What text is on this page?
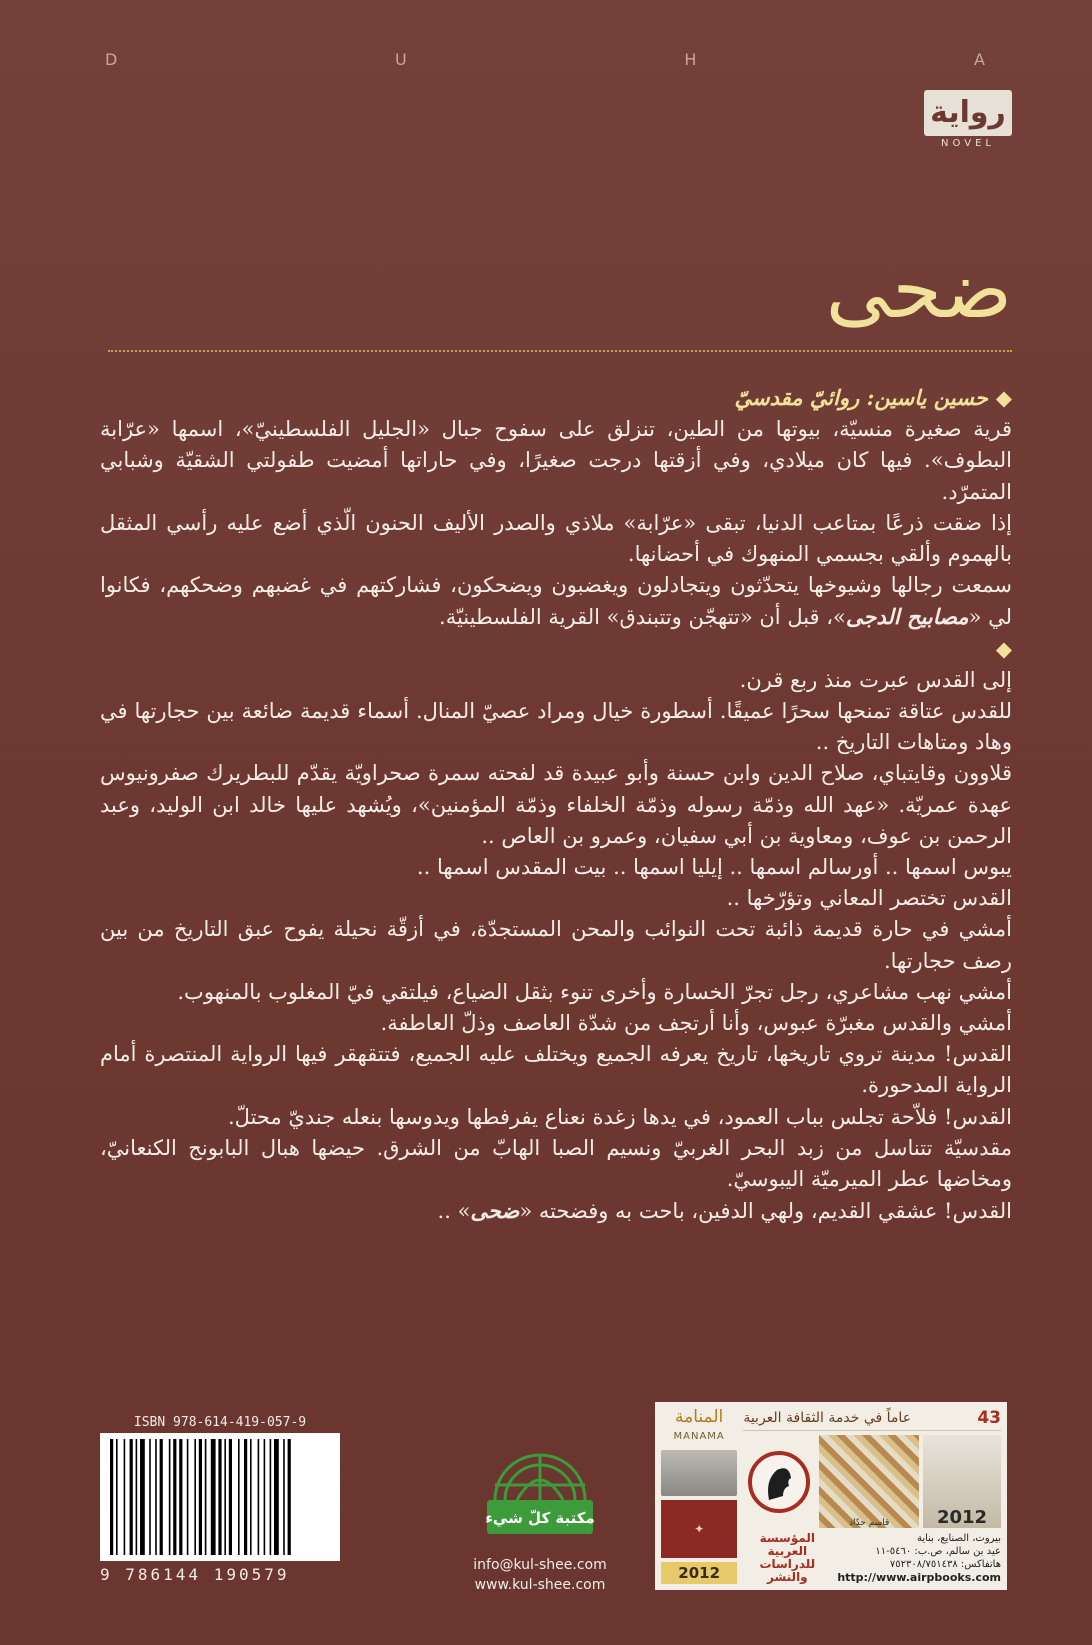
D	U	H	A
رواية
NOVEL
ضحى

◆حسين ياسين: روائيّ مقدسيّ

قرية صغيرة منسيّة، بيوتها من الطين، تنزلق على سفوح جبال «الجليل الفلسطينيّ»، اسمها «عرّابة البطوف». فيها كان ميلادي، وفي أزقتها درجت صغيرًا، وفي حاراتها أمضيت طفولتي الشقيّة وشبابي المتمرّد.

إذا ضقت ذرعًا بمتاعب الدنيا، تبقى «عرّابة» ملاذي والصدر الأليف الحنون الّذي أضع عليه رأسي المثقل بالهموم وألقي بجسمي المنهوك في أحضانها.

سمعت رجالها وشيوخها يتحدّثون ويتجادلون ويغضبون ويضحكون، فشاركتهم في غضبهم وضحكهم، فكانوا لي «مصابيح الدجى»، قبل أن «تتهجّن وتتبندق» القرية الفلسطينيّة.

◆

إلى القدس عبرت منذ ربع قرن.

للقدس عتاقة تمنحها سحرًا عميقًا. أسطورة خيال ومراد عصيّ المنال. أسماء قديمة ضائعة بين حجارتها في وهاد ومتاهات التاريخ ..

قلاوون وقايتباي، صلاح الدين وابن حسنة وأبو عبيدة قد لفحته سمرة صحراويّة يقدّم للبطريرك صفرونيوس عهدة عمريّة. «عهد الله وذمّة رسوله وذمّة الخلفاء وذمّة المؤمنين»، ويُشهد عليها خالد ابن الوليد، وعبد الرحمن بن عوف، ومعاوية بن أبي سفيان، وعمرو بن العاص ..

يبوس اسمها .. أورسالم اسمها .. إيليا اسمها .. بيت المقدس اسمها ..

القدس تختصر المعاني وتؤرّخها ..

أمشي في حارة قديمة ذائبة تحت النوائب والمحن المستجدّة، في أزقّة نحيلة يفوح عبق التاريخ من بين رصف حجارتها.

أمشي نهب مشاعري، رجل تجرّ الخسارة وأخرى تنوء بثقل الضياع، فيلتقي فيّ المغلوب بالمنهوب.

أمشي والقدس مغبرّة عبوس، وأنا أرتجف من شدّة العاصف وذلّ العاطفة.

القدس! مدينة تروي تاريخها، تاريخ يعرفه الجميع ويختلف عليه الجميع، فتتقهقر فيها الرواية المنتصرة أمام الرواية المدحورة.

القدس! فلاّحة تجلس بباب العمود، في يدها زغدة نعناع يفرفطها ويدوسها بنعله جنديّ محتلّ.

مقدسيّة تتناسل من زبد البحر الغربيّ ونسيم الصبا الهابّ من الشرق. حيضها هبال البابونج الكنعانيّ، ومخاضها عطر الميرميّة اليبوسيّ.

القدس! عشقي القديم، ولهي الدفين، باحت به وفضحته «ضحى» ..

ISBN 978-614-419-057-9
9 786144 190579
مكتبة كلّ شيء
info@kul-shee.com
www.kul-shee.com
المنامة
MANAMA
✦
2012
43
عاماً في خدمة الثقافة العربية
قاسم حدّاد	2012
المؤسسة
العربية
للدراسات
والنشر
بيروت، الصنايع، بناية
عيد بن سالم، ص.ب: ٥٤٦٠-١١
هاتفاكس: ٧٥٢٣٠٨/٧٥١٤٣٨
http://www.airpbooks.com
